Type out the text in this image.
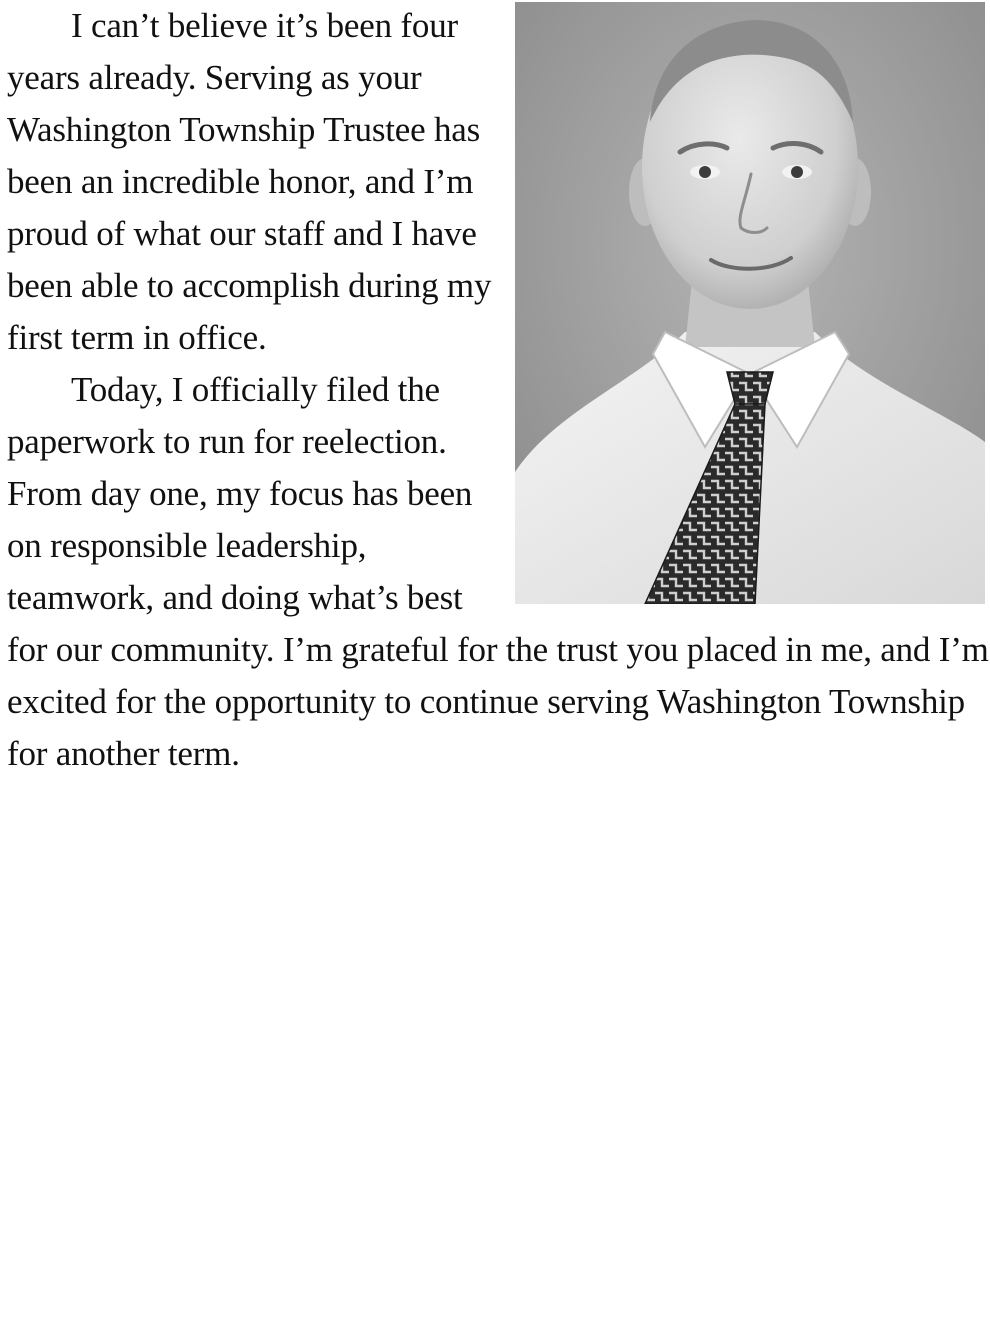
I can’t believe it’s been four years already. Serving as your Washington Township Trustee has been an incredible honor, and I’m proud of what our staff and I have been able to accomplish during my first term in office.

Today, I officially filed the paperwork to run for reelection. From day one, my focus has been on responsible leadership, teamwork, and doing what’s best for our community. I’m grateful for the trust you placed in me, and I’m excited for the opportunity to continue serving Washington Township for another term.
